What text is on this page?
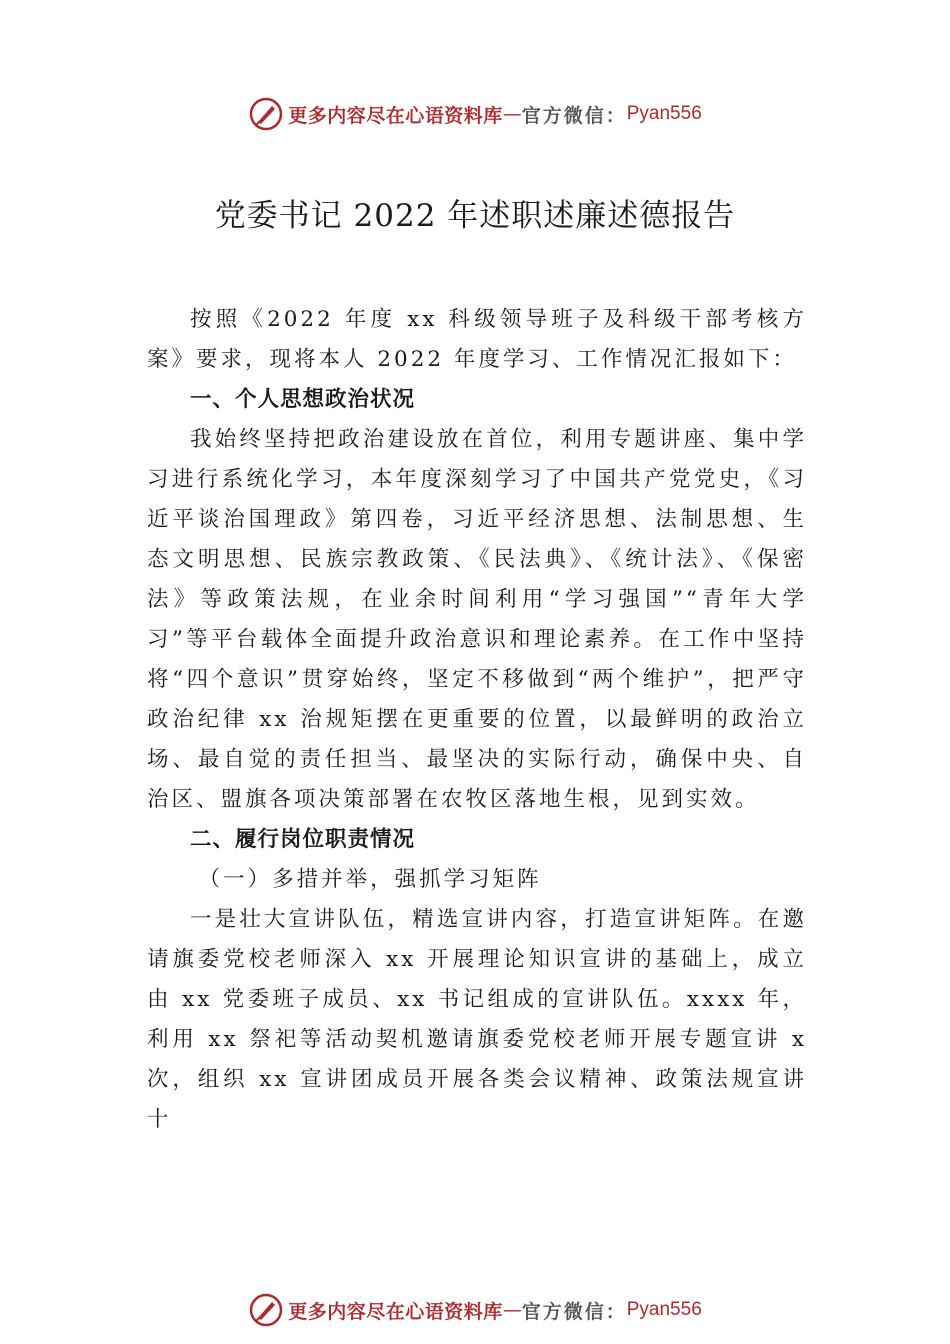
更多内容尽在心语资料库 — 官方微信： Pyan556
党委书记 2022 年述职述廉述德报告

按照《2022 年度 xx 科级领导班子及科级干部考核方案》要求，现将本人 2022 年度学习、工作情况汇报如下：

一、个人思想政治状况

我始终坚持把政治建设放在首位，利用专题讲座、集中学习进行系统化学习，本年度深刻学习了中国共产党党史，《习近平谈治国理政》第四卷，习近平经济思想、法制思想、生态文明思想、民族宗教政策、《民法典》、《统计法》、《保密法》等政策法规，在业余时间利用“学习强国”“青年大学习”等平台载体全面提升政治意识和理论素养。在工作中坚持将“四个意识”贯穿始终，坚定不移做到“两个维护”，把严守政治纪律 xx 治规矩摆在更重要的位置，以最鲜明的政治立场、最自觉的责任担当、最坚决的实际行动，确保中央、自治区、盟旗各项决策部署在农牧区落地生根，见到实效。

二、履行岗位职责情况
（一）多措并举，强抓学习矩阵

一是壮大宣讲队伍，精选宣讲内容，打造宣讲矩阵。在邀请旗委党校老师深入 xx 开展理论知识宣讲的基础上，成立由 xx 党委班子成员、xx 书记组成的宣讲队伍。xxxx 年，利用 xx 祭祀等活动契机邀请旗委党校老师开展专题宣讲 x 次，组织 xx 宣讲团成员开展各类会议精神、政策法规宣讲十

更多内容尽在心语资料库 — 官方微信： Pyan556
